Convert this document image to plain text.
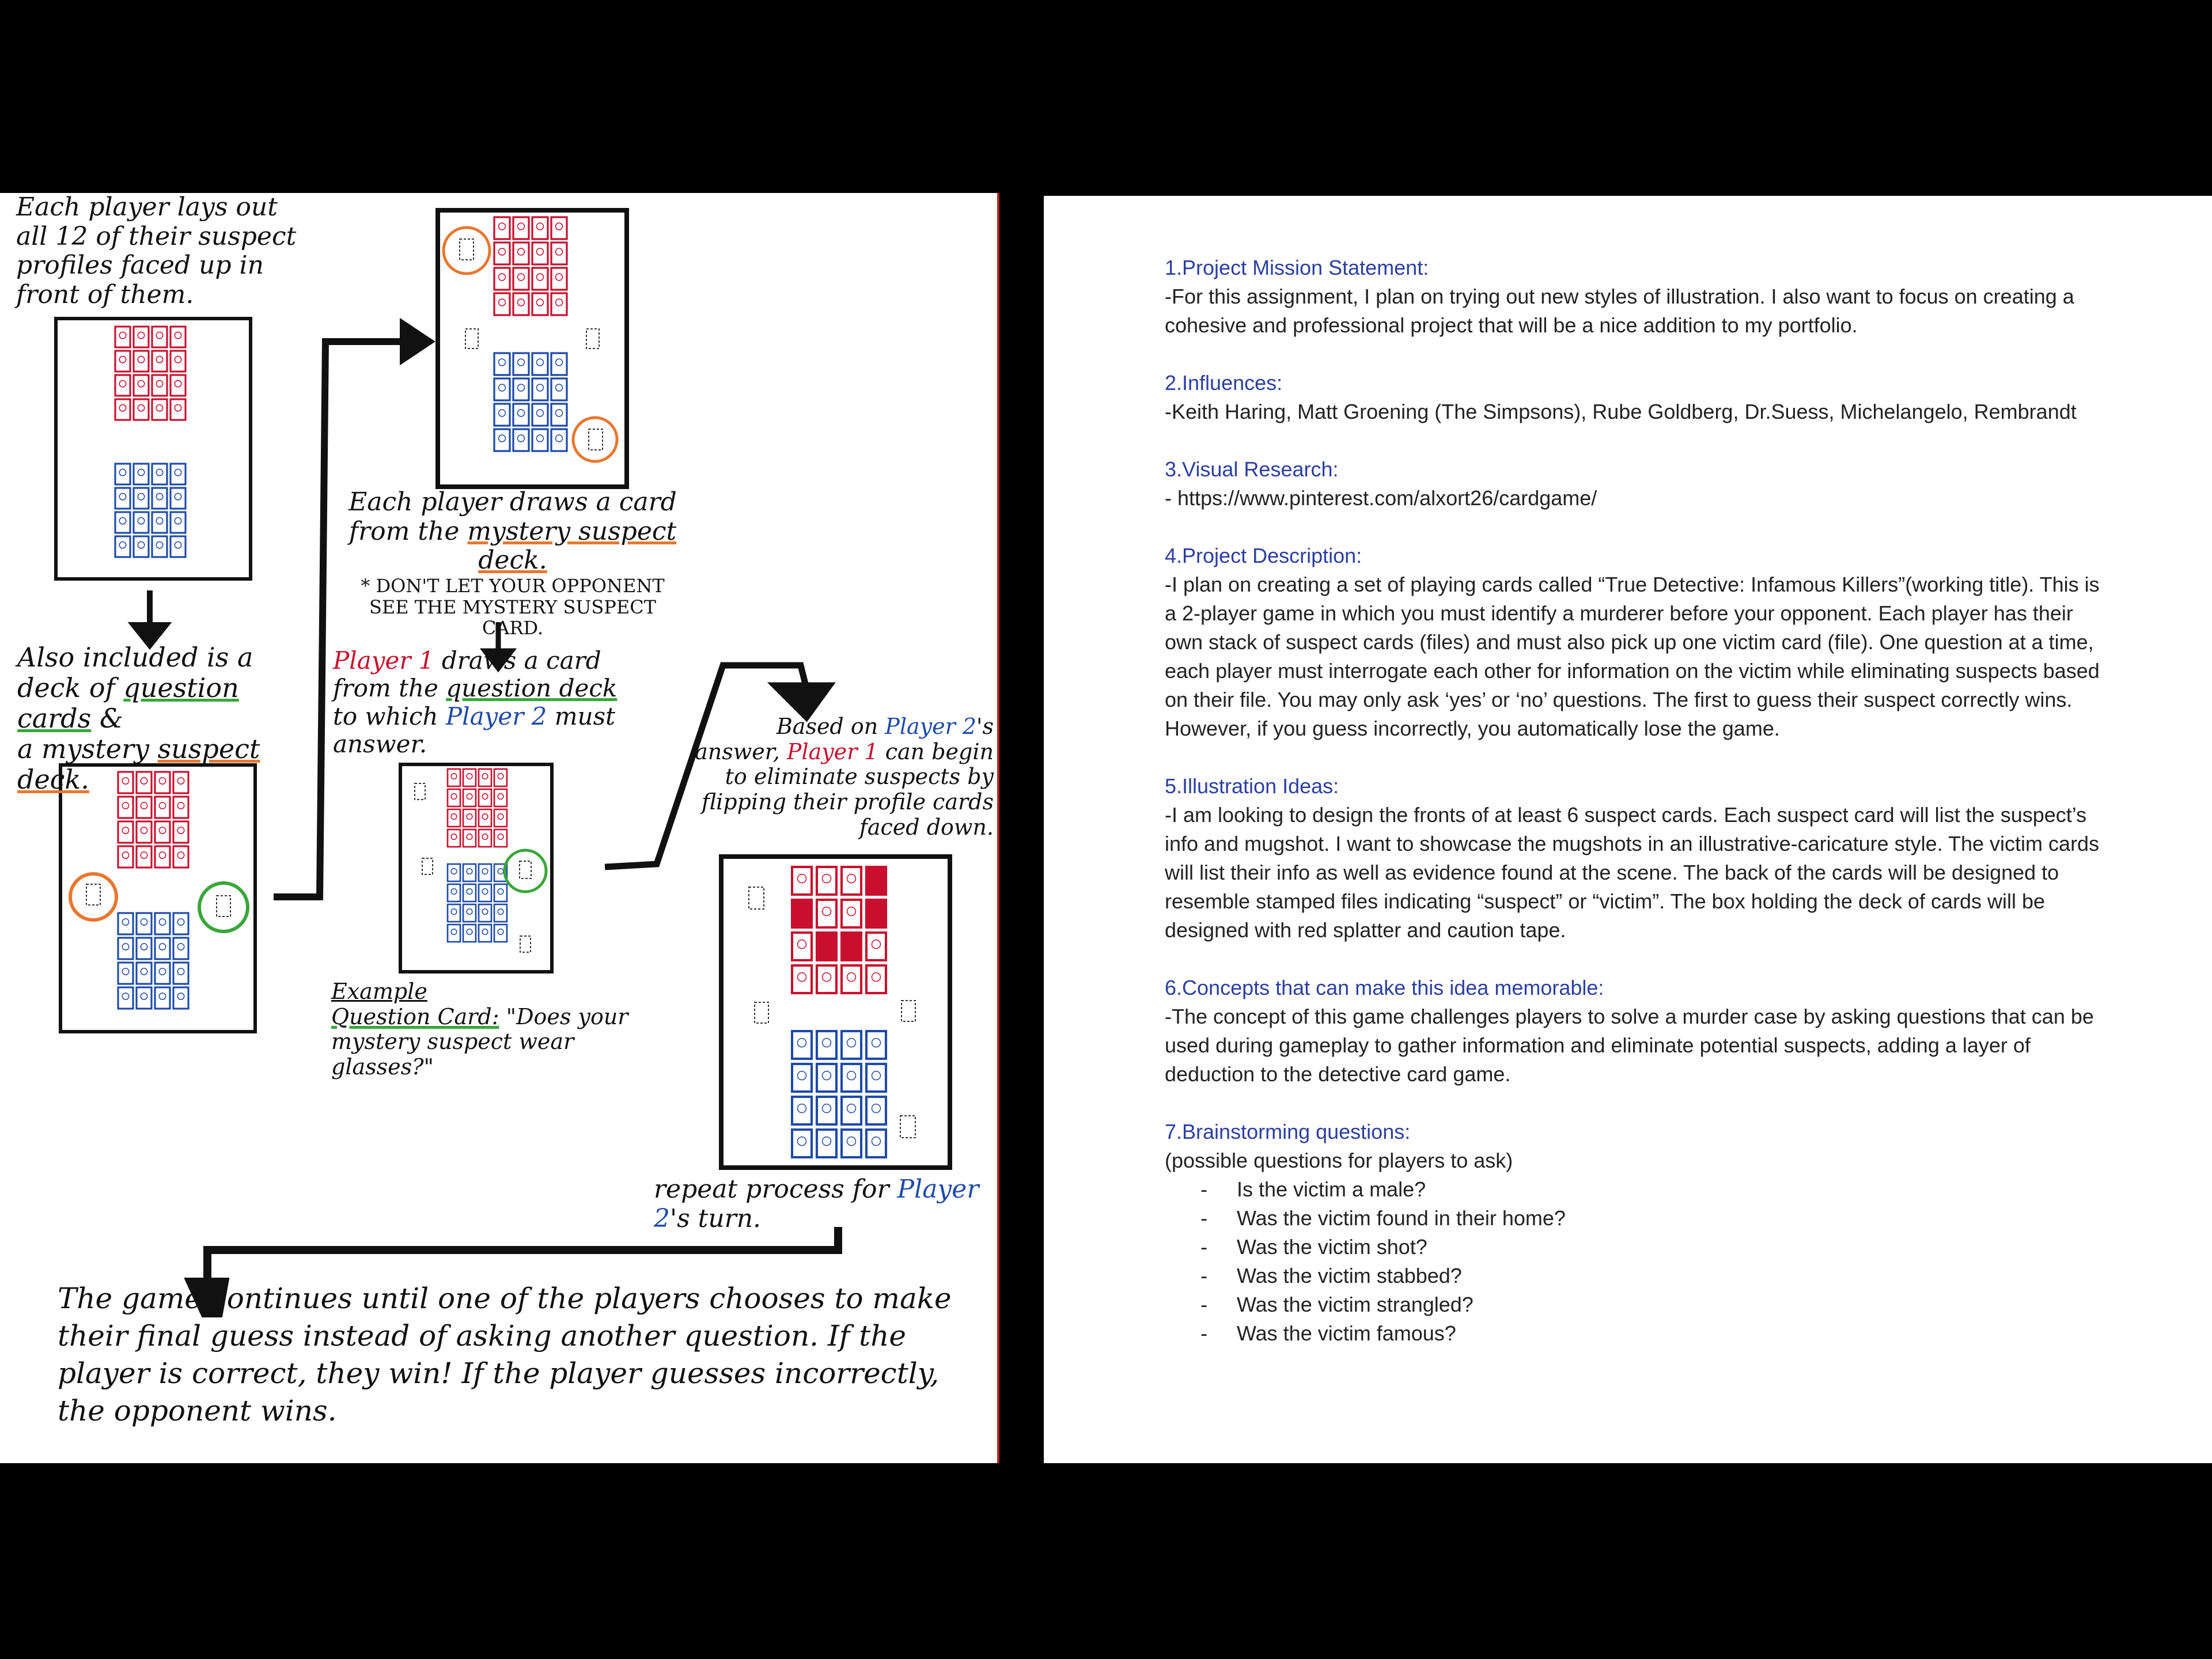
Each player lays out all 12 of their suspect profiles faced up in front of them.
Each player draws a card
from the mystery suspect deck.
* DON'T LET YOUR OPPONENT SEE THE MYSTERY SUSPECT CARD.
Also included is a
deck of question cards &
a mystery suspect deck.
Player 1 draws a card from the question deck to which Player 2 must answer.
Based on Player 2's answer, Player 1 can begin to eliminate suspects by flipping their profile cards faced down.
Example
Question Card: "Does your mystery suspect wear glasses?"
repeat process for Player 2's turn.
The game continues until one of the players chooses to make their final guess instead of asking another question. If the player is correct, they win! If the player guesses incorrectly, the opponent wins.
1.Project Mission Statement:
-For this assignment, I plan on trying out new styles of illustration. I also want to focus on creating a cohesive and professional project that will be a nice addition to my portfolio.
2.Influences:
-Keith Haring, Matt Groening (The Simpsons), Rube Goldberg, Dr.Suess, Michelangelo, Rembrandt
3.Visual Research:
- https://www.pinterest.com/alxort26/cardgame/
4.Project Description:
-I plan on creating a set of playing cards called “True Detective: Infamous Killers”(working title). This is a 2-player game in which you must identify a murderer before your opponent. Each player has their own stack of suspect cards (files) and must also pick up one victim card (file). One question at a time, each player must interrogate each other for information on the victim while eliminating suspects based on their file. You may only ask ‘yes’ or ‘no’ questions. The first to guess their suspect correctly wins. However, if you guess incorrectly, you automatically lose the game.
5.Illustration Ideas:
-I am looking to design the fronts of at least 6 suspect cards. Each suspect card will list the suspect’s info and mugshot. I want to showcase the mugshots in an illustrative-caricature style. The victim cards will list their info as well as evidence found at the scene. The back of the cards will be designed to resemble stamped files indicating “suspect” or “victim”. The box holding the deck of cards will be designed with red splatter and caution tape.
6.Concepts that can make this idea memorable:
-The concept of this game challenges players to solve a murder case by asking questions that can be used during gameplay to gather information and eliminate potential suspects, adding a layer of deduction to the detective card game.
7.Brainstorming questions:
(possible questions for players to ask)
- Is the victim a male?
- Was the victim found in their home?
- Was the victim shot?
- Was the victim stabbed?
- Was the victim strangled?
- Was the victim famous?
